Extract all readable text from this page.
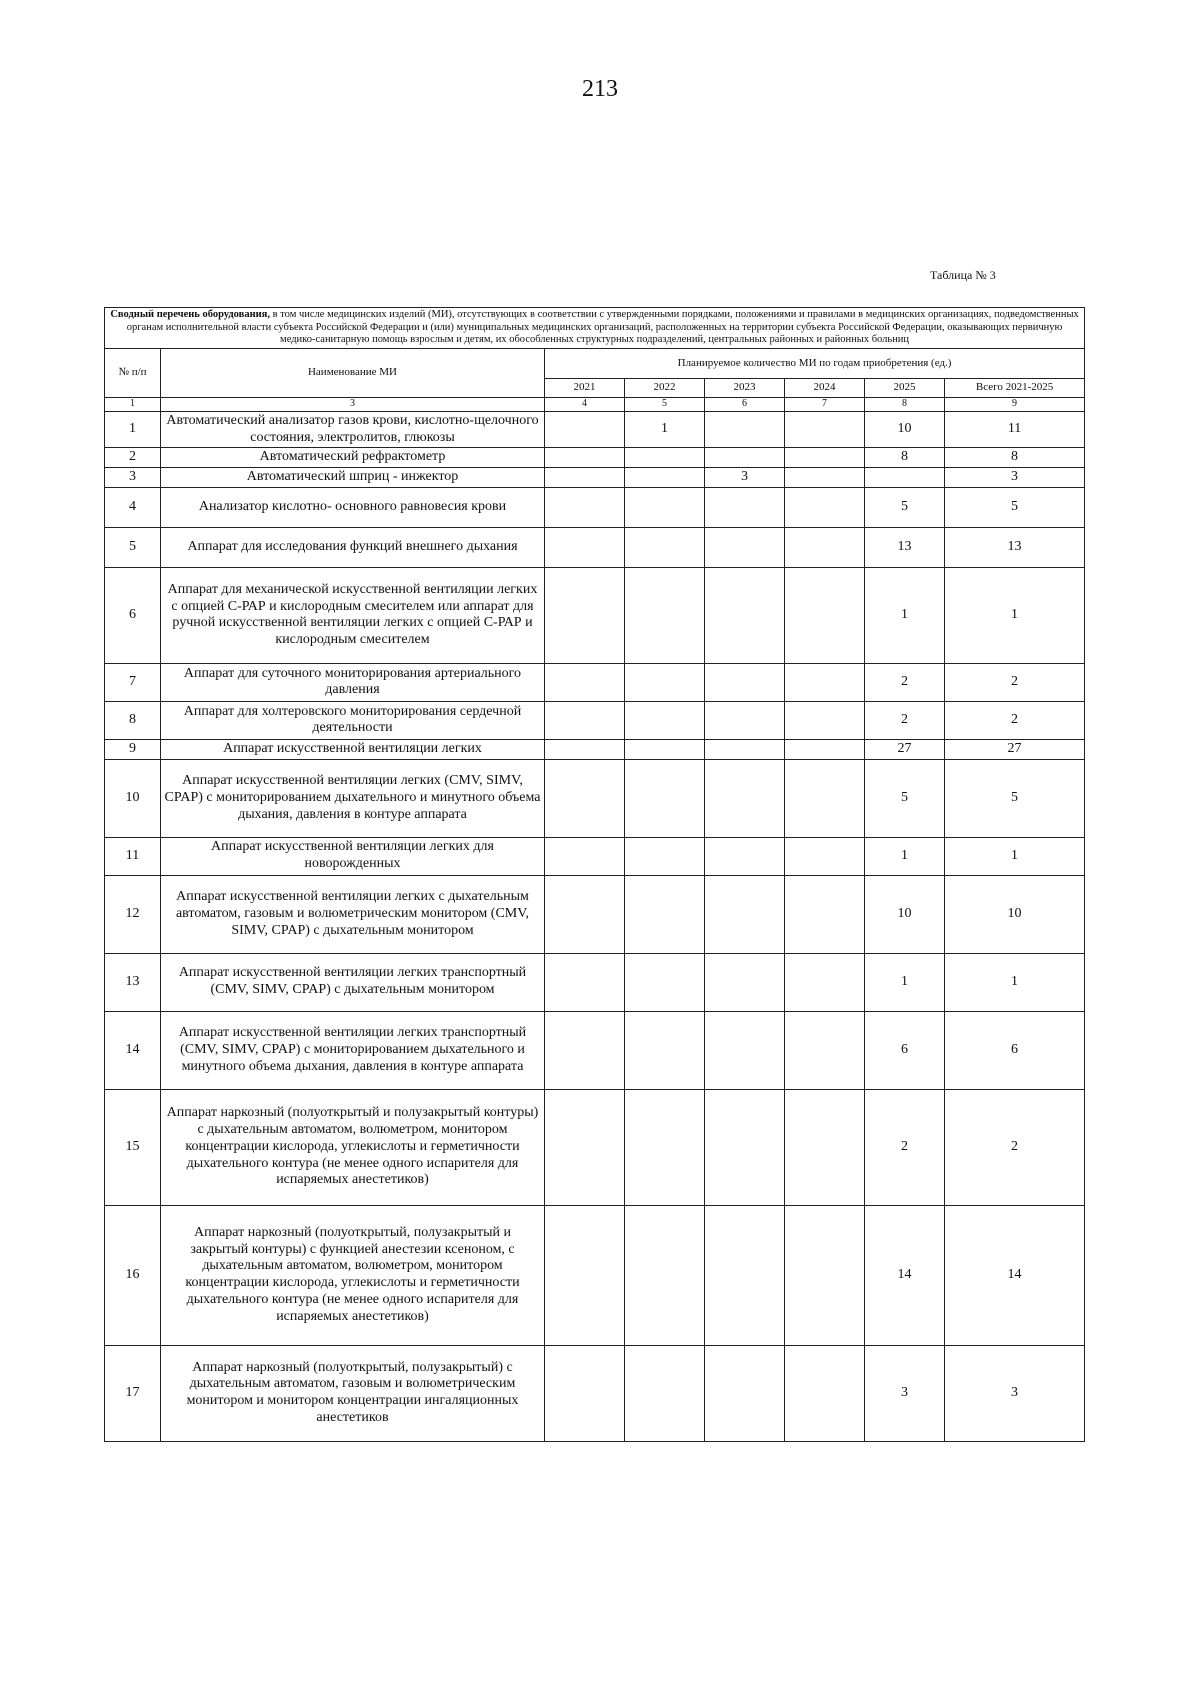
213
Таблица № 3
Сводный перечень оборудования, в том числе медицинских изделий (МИ), отсутствующих в соответствии с утвержденными порядками, положениями и правилами в медицинских организациях, подведомственных органам исполнительной власти субъекта Российской Федерации и (или) муниципальных медицинских организаций, расположенных на территории субъекта Российской Федерации, оказывающих первичную медико-санитарную помощь взрослым и детям, их обособленных структурных подразделений, центральных районных и районных больниц							
№ п/п	Наименование МИ	Планируемое количество МИ по годам приобретения (ед.)					
		2021	2022	2023	2024	2025	Всего 2021-2025
1	3	4	5	6	7	8	9
1	Автоматический анализатор газов крови, кислотно-щелочного состояния, электролитов, глюкозы		1			10	11
2	Автоматический рефрактометр					8	8
3	Автоматический шприц - инжектор			3			3
4	Анализатор кислотно- основного равновесия крови					5	5
5	Аппарат для исследования функций внешнего дыхания					13	13
6	Аппарат для механической искусственной вентиляции легких с опцией С-РАР и кислородным смесителем или аппарат для ручной искусственной вентиляции легких с опцией С-РАР и кислородным смесителем					1	1
7	Аппарат для суточного мониторирования артериального давления					2	2
8	Аппарат для холтеровского мониторирования сердечной деятельности					2	2
9	Аппарат искусственной вентиляции легких					27	27
10	Аппарат искусственной вентиляции легких (CMV, SIMV, CPAP) с мониторированием дыхательного и минутного объема дыхания, давления в контуре аппарата					5	5
11	Аппарат искусственной вентиляции легких для новорожденных					1	1
12	Аппарат искусственной вентиляции легких с дыхательным автоматом, газовым и волюметрическим монитором (CMV, SIMV, CPAP) с дыхательным монитором					10	10
13	Аппарат искусственной вентиляции легких транспортный (CMV, SIMV, CPAP) с дыхательным монитором					1	1
14	Аппарат искусственной вентиляции легких транспортный (CMV, SIMV, CPAP) с мониторированием дыхательного и минутного объема дыхания, давления в контуре аппарата					6	6
15	Аппарат наркозный (полуоткрытый и полузакрытый контуры) с дыхательным автоматом, волюметром, монитором концентрации кислорода, углекислоты и герметичности дыхательного контура (не менее одного испарителя для испаряемых анестетиков)					2	2
16	Аппарат наркозный (полуоткрытый, полузакрытый и закрытый контуры) с функцией анестезии ксеноном, с дыхательным автоматом, волюметром, монитором концентрации кислорода, углекислоты и герметичности дыхательного контура (не менее одного испарителя для испаряемых анестетиков)					14	14
17	Аппарат наркозный (полуоткрытый, полузакрытый) с дыхательным автоматом, газовым и волюметрическим монитором и монитором концентрации ингаляционных анестетиков					3	3
